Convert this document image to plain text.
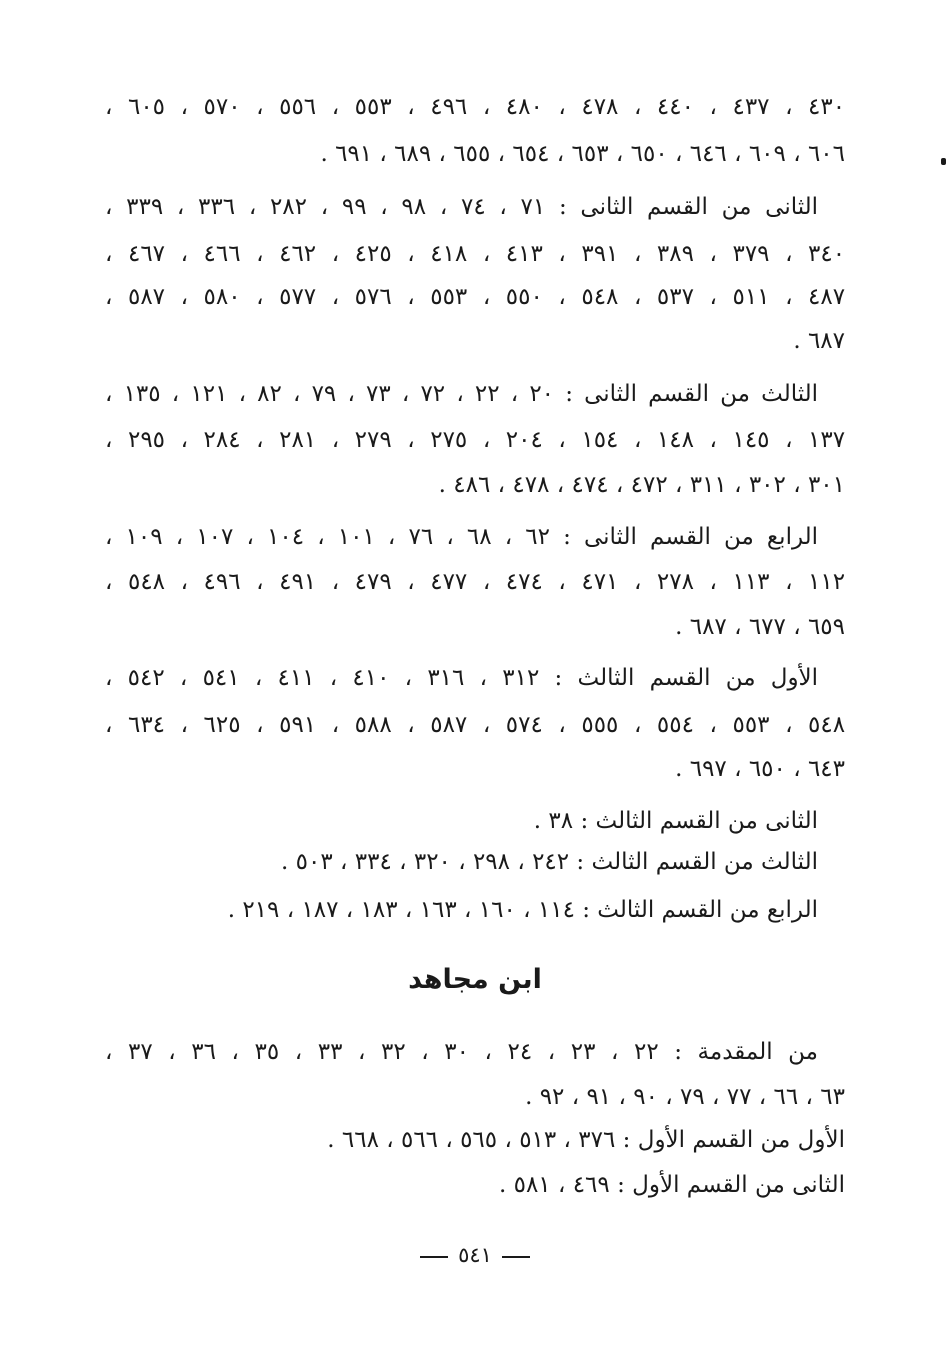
٤٣٠ ، ٤٣٧ ، ٤٤٠ ، ٤٧٨ ، ٤٨٠ ، ٤٩٦ ، ٥٥٣ ، ٥٥٦ ، ٥٧٠ ، ٦٠٥ ،
٦٠٦ ، ٦٠٩ ، ٦٤٦ ، ٦٥٠ ، ٦٥٣ ، ٦٥٤ ، ٦٥٥ ، ٦٨٩ ، ٦٩١ .
الثانى من القسم الثانى : ٧١ ، ٧٤ ، ٩٨ ، ٩٩ ، ٢٨٢ ، ٣٣٦ ، ٣٣٩ ،
٣٤٠ ، ٣٧٩ ، ٣٨٩ ، ٣٩١ ، ٤١٣ ، ٤١٨ ، ٤٢٥ ، ٤٦٢ ، ٤٦٦ ، ٤٦٧ ،
٤٨٧ ، ٥١١ ، ٥٣٧ ، ٥٤٨ ، ٥٥٠ ، ٥٥٣ ، ٥٧٦ ، ٥٧٧ ، ٥٨٠ ، ٥٨٧ ،
٦٨٧ .
الثالث من القسم الثانى : ٢٠ ، ٢٢ ، ٧٢ ، ٧٣ ، ٧٩ ، ٨٢ ، ١٢١ ، ١٣٥ ،
١٣٧ ، ١٤٥ ، ١٤٨ ، ١٥٤ ، ٢٠٤ ، ٢٧٥ ، ٢٧٩ ، ٢٨١ ، ٢٨٤ ، ٢٩٥ ،
٣٠١ ، ٣٠٢ ، ٣١١ ، ٤٧٢ ، ٤٧٤ ، ٤٧٨ ، ٤٨٦ .
الرابع من القسم الثانى : ٦٢ ، ٦٨ ، ٧٦ ، ١٠١ ، ١٠٤ ، ١٠٧ ، ١٠٩ ،
١١٢ ، ١١٣ ، ٢٧٨ ، ٤٧١ ، ٤٧٤ ، ٤٧٧ ، ٤٧٩ ، ٤٩١ ، ٤٩٦ ، ٥٤٨ ،
٦٥٩ ، ٦٧٧ ، ٦٨٧ .
الأول من القسم الثالث : ٣١٢ ، ٣١٦ ، ٤١٠ ، ٤١١ ، ٥٤١ ، ٥٤٢ ،
٥٤٨ ، ٥٥٣ ، ٥٥٤ ، ٥٥٥ ، ٥٧٤ ، ٥٨٧ ، ٥٨٨ ، ٥٩١ ، ٦٢٥ ، ٦٣٤ ،
٦٤٣ ، ٦٥٠ ، ٦٩٧ .
الثانى من القسم الثالث : ٣٨ .
الثالث من القسم الثالث : ٢٤٢ ، ٢٩٨ ، ٣٢٠ ، ٣٣٤ ، ٥٠٣ .
الرابع من القسم الثالث : ١١٤ ، ١٦٠ ، ١٦٣ ، ١٨٣ ، ١٨٧ ، ٢١٩ .
ابن مجاهد
من المقدمة : ٢٢ ، ٢٣ ، ٢٤ ، ٣٠ ، ٣٢ ، ٣٣ ، ٣٥ ، ٣٦ ، ٣٧ ،
٦٣ ، ٦٦ ، ٧٧ ، ٧٩ ، ٩٠ ، ٩١ ، ٩٢ .
الأول من القسم الأول : ٣٧٦ ، ٥١٣ ، ٥٦٥ ، ٥٦٦ ، ٦٦٨ .
الثانى من القسم الأول : ٤٦٩ ، ٥٨١ .
٥٤١
